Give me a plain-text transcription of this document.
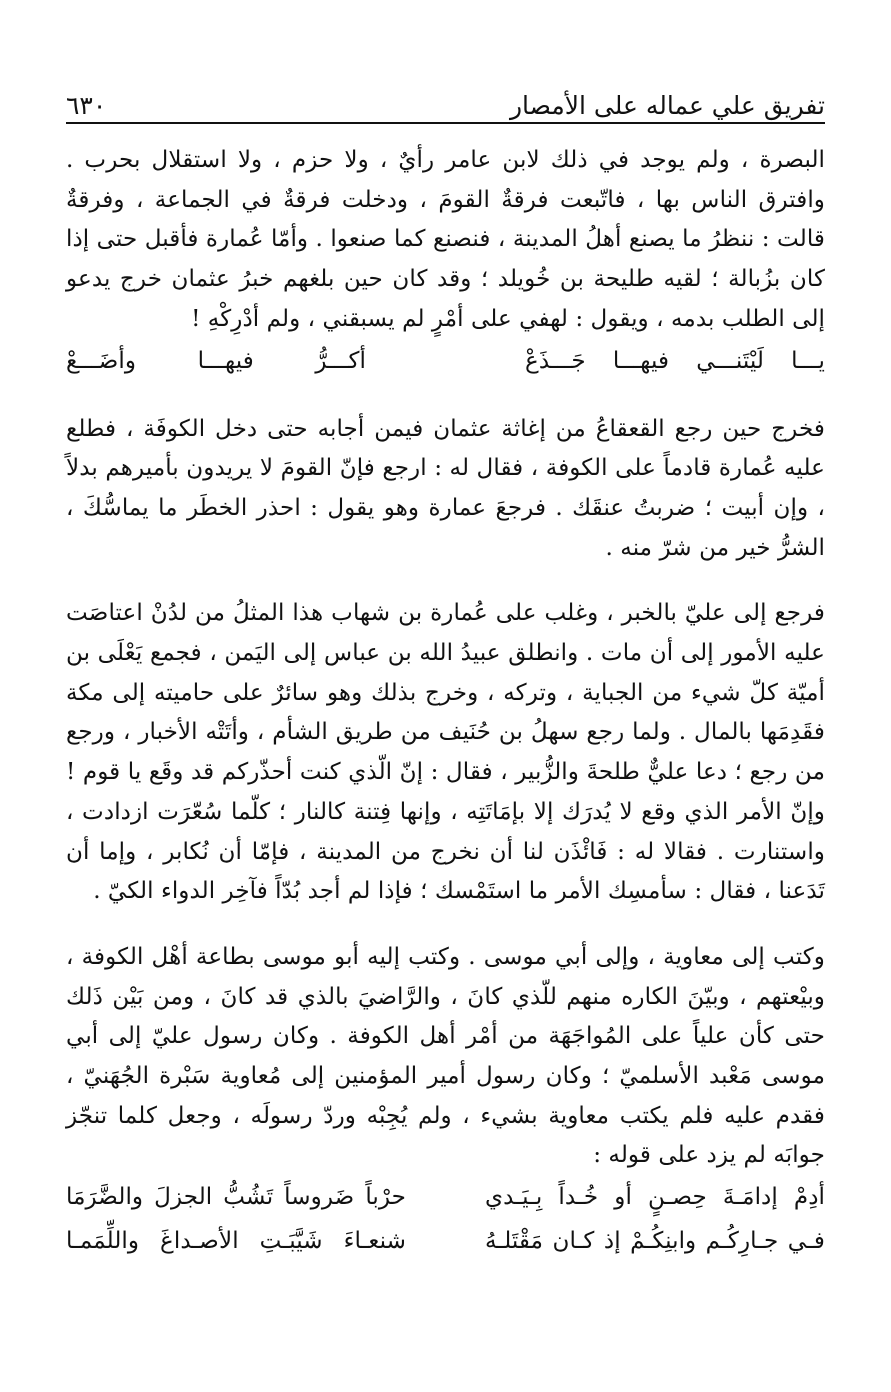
٦٣٠	تفريق علي عماله على الأمصار

البصرة ، ولم يوجد في ذلك لابن عامر رأيٌ ، ولا حزم ، ولا استقلال بحرب . وافترق الناس بها ، فاتّبعت فرقةٌ القومَ ، ودخلت فرقةٌ في الجماعة ، وفرقةٌ قالت : ننظرُ ما يصنع أهلُ المدينة ، فنصنع كما صنعوا . وأمّا عُمارة فأقبل حتى إذا كان بزُبالة ؛ لقيه طليحة بن خُويلد ؛ وقد كان حين بلغهم خبرُ عثمان خرج يدعو إلى الطلب بدمه ، ويقول : لهفي على أمْرٍ لم يسبقني ، ولم أدْرِكْهِ !

يـــا لَيْتَنـــي فيهـــا جَـــذَعْ
أكـــرُّ فيهـــا وأضَـــعْ

فخرج حين رجع القعقاعُ من إغاثة عثمان فيمن أجابه حتى دخل الكوفَة ، فطلع عليه عُمارة قادماً على الكوفة ، فقال له : ارجع فإنّ القومَ لا يريدون بأميرهم بدلاً ، وإن أبيت ؛ ضربتُ عنقَك . فرجعَ عمارة وهو يقول : احذر الخطَر ما يماسُّكَ ، الشرُّ خير من شرّ منه .

فرجع إلى عليّ بالخبر ، وغلب على عُمارة بن شهاب هذا المثلُ من لدُنْ اعتاصَت عليه الأمور إلى أن مات . وانطلق عبيدُ الله بن عباس إلى اليَمن ، فجمع يَعْلَى بن أميّة كلّ شيء من الجباية ، وتركه ، وخرج بذلك وهو سائرٌ على حاميته إلى مكة فقَدِمَها بالمال . ولما رجع سهلُ بن حُنَيف من طريق الشأم ، وأتَتْه الأخبار ، ورجع من رجع ؛ دعا عليٌّ طلحةَ والزُّبير ، فقال : إنّ الّذي كنت أحذّركم قد وقَع يا قوم ! وإنّ الأمر الذي وقع لا يُدرَك إلا بإمَاتَتِه ، وإنها فِتنة كالنار ؛ كلّما سُعّرَت ازدادت ، واستنارت . فقالا له : فَائْذَن لنا أن نخرج من المدينة ، فإمّا أن نُكابر ، وإما أن تَدَعنا ، فقال : سأمسِك الأمر ما استَمْسك ؛ فإذا لم أجد بُدّاً فآخِر الدواء الكيّ .

وكتب إلى معاوية ، وإلى أبي موسى . وكتب إليه أبو موسى بطاعة أهْل الكوفة ، وبيْعتهم ، وبيّنَ الكاره منهم للّذي كانَ ، والرَّاضيَ بالذي قد كانَ ، ومن بَيْن ذَلك حتى كأن علياً على المُواجَهَة من أمْر أهل الكوفة . وكان رسول عليّ إلى أبي موسى مَعْبد الأسلميّ ؛ وكان رسول أمير المؤمنين إلى مُعاوية سَبْرة الجُهَنيّ ، فقدم عليه فلم يكتب معاوية بشيء ، ولم يُجِبْه وردّ رسولَه ، وجعل كلما تنجّز جوابَه لم يزد على قوله :

أدِمْ إدامَـةَ حِصـنٍ أو خُـداً بِـيَـدي
حرْباً ضَروساً تَشُبُّ الجزلَ والضَّرَمَا
فـي جـارِكُـم وابنِكُـمْ إذ كـان مَقْتَلـهُ
شنعـاءَ شَيَّبَـتِ الأصـداغَ واللِّمَمـا
